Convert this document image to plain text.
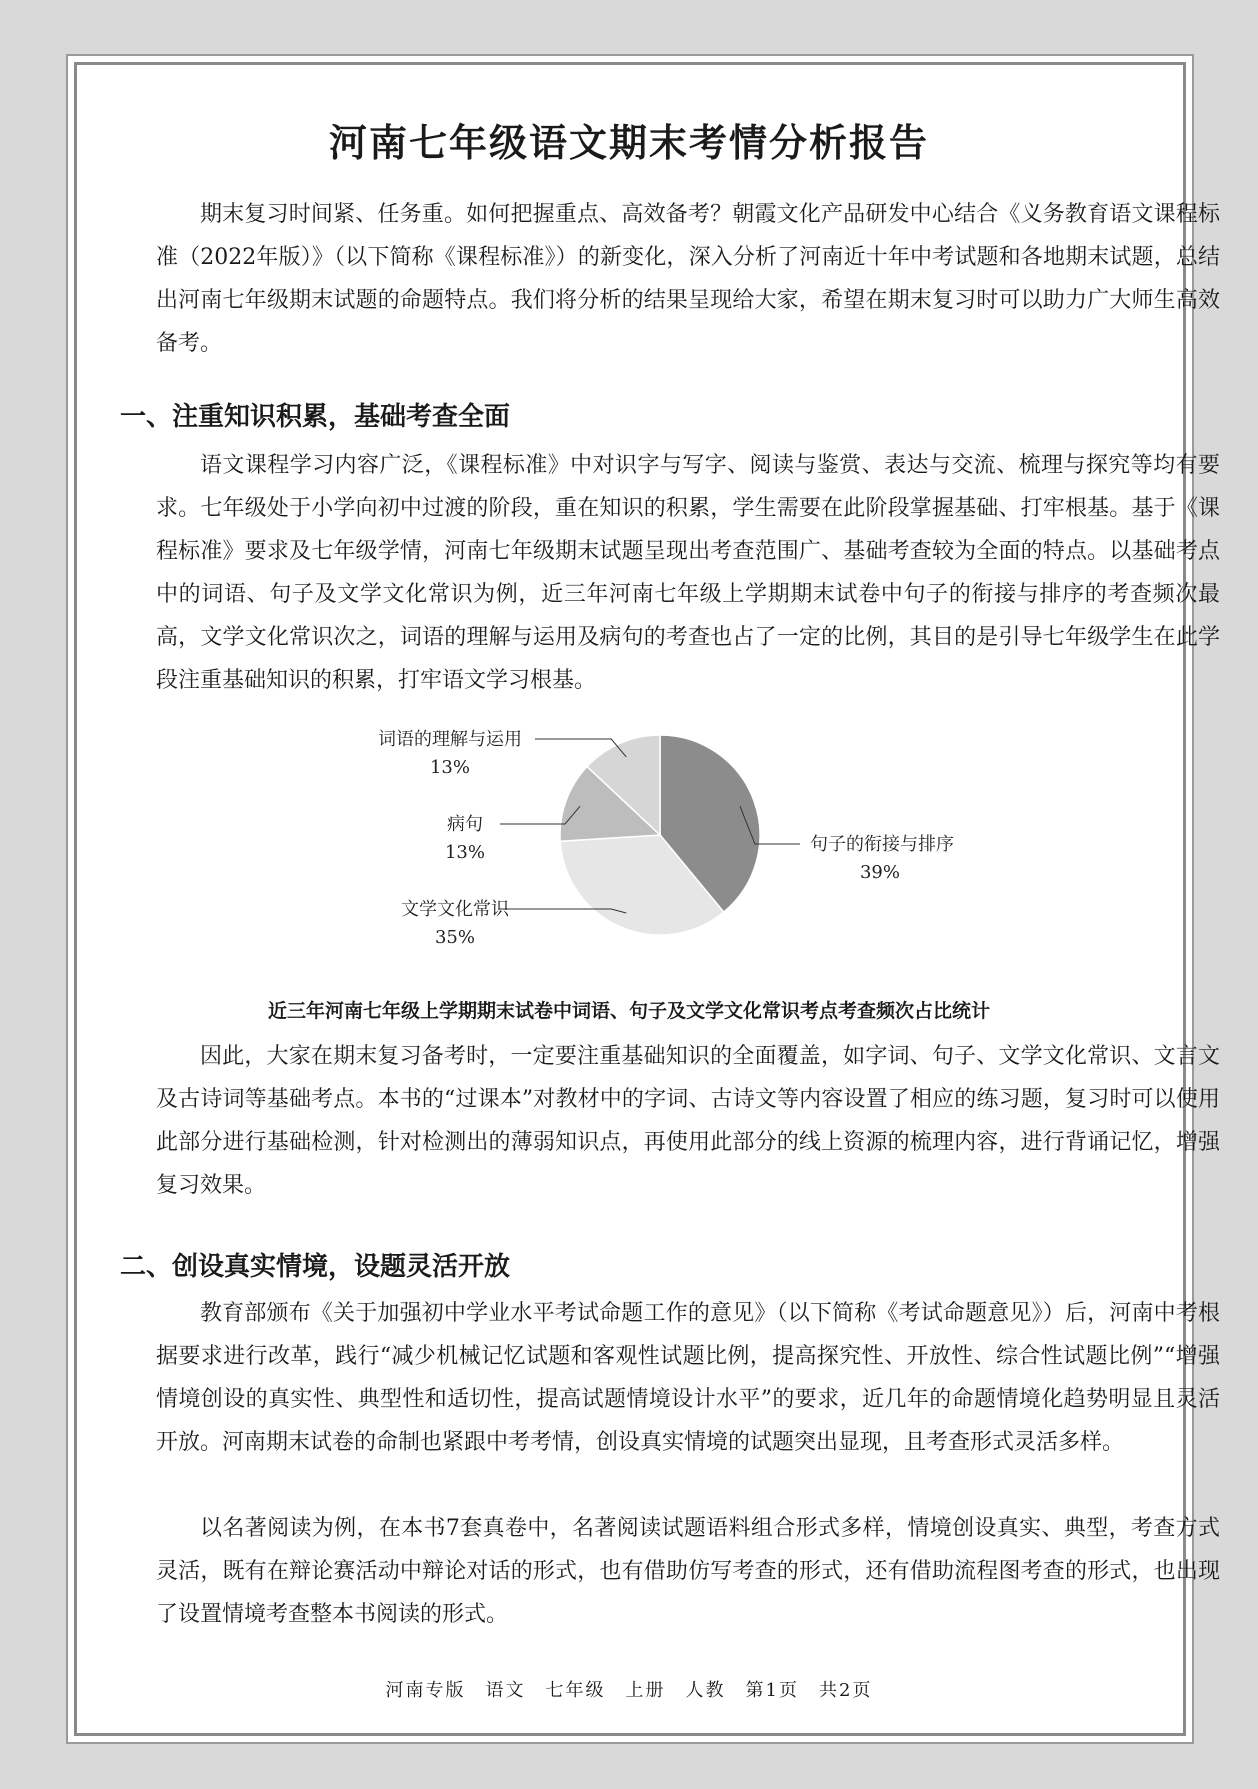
河南七年级语文期末考情分析报告
期末复习时间紧、任务重。如何把握重点、高效备考？朝霞文化产品研发中心结合《义务教育语文课程标准（2022年版）》（以下简称《课程标准》）的新变化，深入分析了河南近十年中考试题和各地期末试题，总结出河南七年级期末试题的命题特点。我们将分析的结果呈现给大家，希望在期末复习时可以助力广大师生高效备考。
一、注重知识积累，基础考查全面
语文课程学习内容广泛，《课程标准》中对识字与写字、阅读与鉴赏、表达与交流、梳理与探究等均有要求。七年级处于小学向初中过渡的阶段，重在知识的积累，学生需要在此阶段掌握基础、打牢根基。基于《课程标准》要求及七年级学情，河南七年级期末试题呈现出考查范围广、基础考查较为全面的特点。以基础考点中的词语、句子及文学文化常识为例，近三年河南七年级上学期期末试卷中句子的衔接与排序的考查频次最高，文学文化常识次之，词语的理解与运用及病句的考查也占了一定的比例，其目的是引导七年级学生在此学段注重基础知识的积累，打牢语文学习根基。
句子的衔接与排序
39%
文学文化常识
35%
病句
13%
词语的理解与运用
13%
近三年河南七年级上学期期末试卷中词语、句子及文学文化常识考点考查频次占比统计
因此，大家在期末复习备考时，一定要注重基础知识的全面覆盖，如字词、句子、文学文化常识、文言文及古诗词等基础考点。本书的“过课本”对教材中的字词、古诗文等内容设置了相应的练习题，复习时可以使用此部分进行基础检测，针对检测出的薄弱知识点，再使用此部分的线上资源的梳理内容，进行背诵记忆，增强复习效果。
二、创设真实情境，设题灵活开放
教育部颁布《关于加强初中学业水平考试命题工作的意见》（以下简称《考试命题意见》）后，河南中考根据要求进行改革，践行“减少机械记忆试题和客观性试题比例，提高探究性、开放性、综合性试题比例”“增强情境创设的真实性、典型性和适切性，提高试题情境设计水平”的要求，近几年的命题情境化趋势明显且灵活开放。河南期末试卷的命制也紧跟中考考情，创设真实情境的试题突出显现，且考查形式灵活多样。
以名著阅读为例，在本书7套真卷中，名著阅读试题语料组合形式多样，情境创设真实、典型，考查方式灵活，既有在辩论赛活动中辩论对话的形式，也有借助仿写考查的形式，还有借助流程图考查的形式，也出现了设置情境考查整本书阅读的形式。
河南专版　语文　七年级　上册　人教　第1页　共2页
